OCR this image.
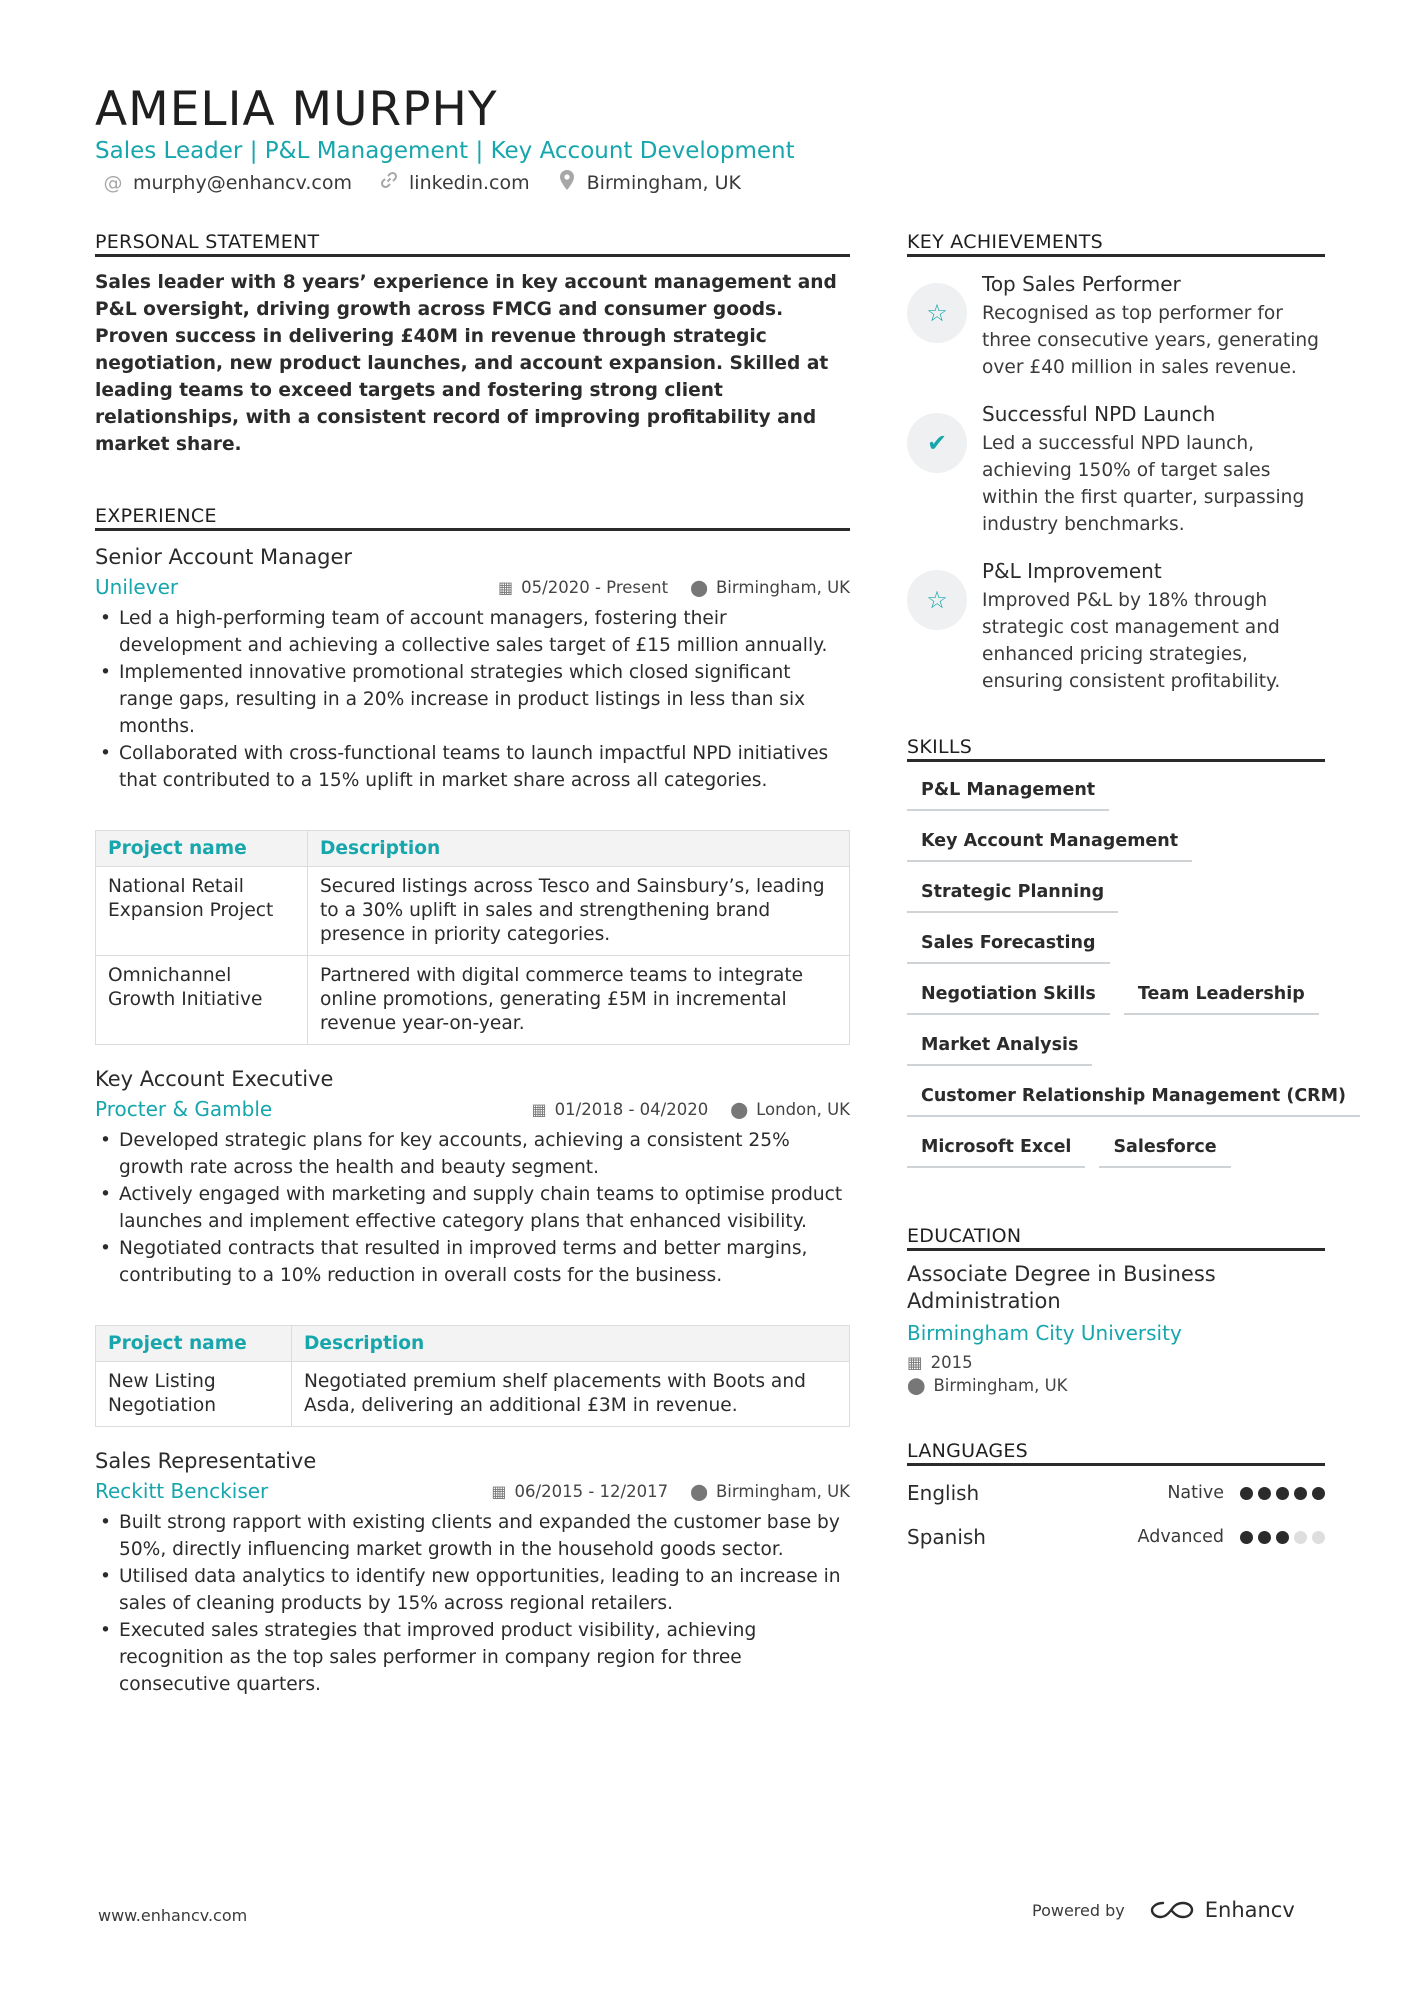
AMELIA MURPHY
Sales Leader | P&L Management | Key Account Development
@ murphy@enhancv.com	linkedin.com	Birmingham, UK
PERSONAL STATEMENT
Sales leader with 8 years’ experience in key account management and P&L oversight, driving growth across FMCG and consumer goods. Proven success in delivering £40M in revenue through strategic negotiation, new product launches, and account expansion. Skilled at leading teams to exceed targets and fostering strong client relationships, with a consistent record of improving profitability and market share.
EXPERIENCE
Senior Account Manager
Unilever	▦ 05/2020 - Present ⬤ Birmingham, UK
• Led a high-performing team of account managers, fostering their development and achieving a collective sales target of £15 million annually.
• Implemented innovative promotional strategies which closed significant range gaps, resulting in a 20% increase in product listings in less than six months.
• Collaborated with cross-functional teams to launch impactful NPD initiatives that contributed to a 15% uplift in market share across all categories.
Project name	Description
National Retail Expansion Project	Secured listings across Tesco and Sainsbury’s, leading to a 30% uplift in sales and strengthening brand presence in priority categories.
Omnichannel Growth Initiative	Partnered with digital commerce teams to integrate online promotions, generating £5M in incremental revenue year-on-year.
Key Account Executive
Procter & Gamble	▦ 01/2018 - 04/2020 ⬤ London, UK
• Developed strategic plans for key accounts, achieving a consistent 25% growth rate across the health and beauty segment.
• Actively engaged with marketing and supply chain teams to optimise product launches and implement effective category plans that enhanced visibility.
• Negotiated contracts that resulted in improved terms and better margins, contributing to a 10% reduction in overall costs for the business.
Project name	Description
New Listing Negotiation	Negotiated premium shelf placements with Boots and Asda, delivering an additional £3M in revenue.
Sales Representative
Reckitt Benckiser	▦ 06/2015 - 12/2017 ⬤ Birmingham, UK
• Built strong rapport with existing clients and expanded the customer base by 50%, directly influencing market growth in the household goods sector.
• Utilised data analytics to identify new opportunities, leading to an increase in sales of cleaning products by 15% across regional retailers.
• Executed sales strategies that improved product visibility, achieving recognition as the top sales performer in company region for three consecutive quarters.
KEY ACHIEVEMENTS
☆
Top Sales Performer
Recognised as top performer for three consecutive years, generating over £40 million in sales revenue.
✔
Successful NPD Launch
Led a successful NPD launch, achieving 150% of target sales within the first quarter, surpassing industry benchmarks.
☆
P&L Improvement
Improved P&L by 18% through strategic cost management and enhanced pricing strategies, ensuring consistent profitability.
SKILLS
P&L Management
Key Account Management
Strategic Planning
Sales Forecasting
Negotiation Skills	Team Leadership
Market Analysis
Customer Relationship Management (CRM)
Microsoft Excel	Salesforce
EDUCATION
Associate Degree in Business Administration
Birmingham City University
▦ 2015
⬤ Birmingham, UK
LANGUAGES
English	Native
Spanish	Advanced
www.enhancv.com	Powered by	Enhancv
